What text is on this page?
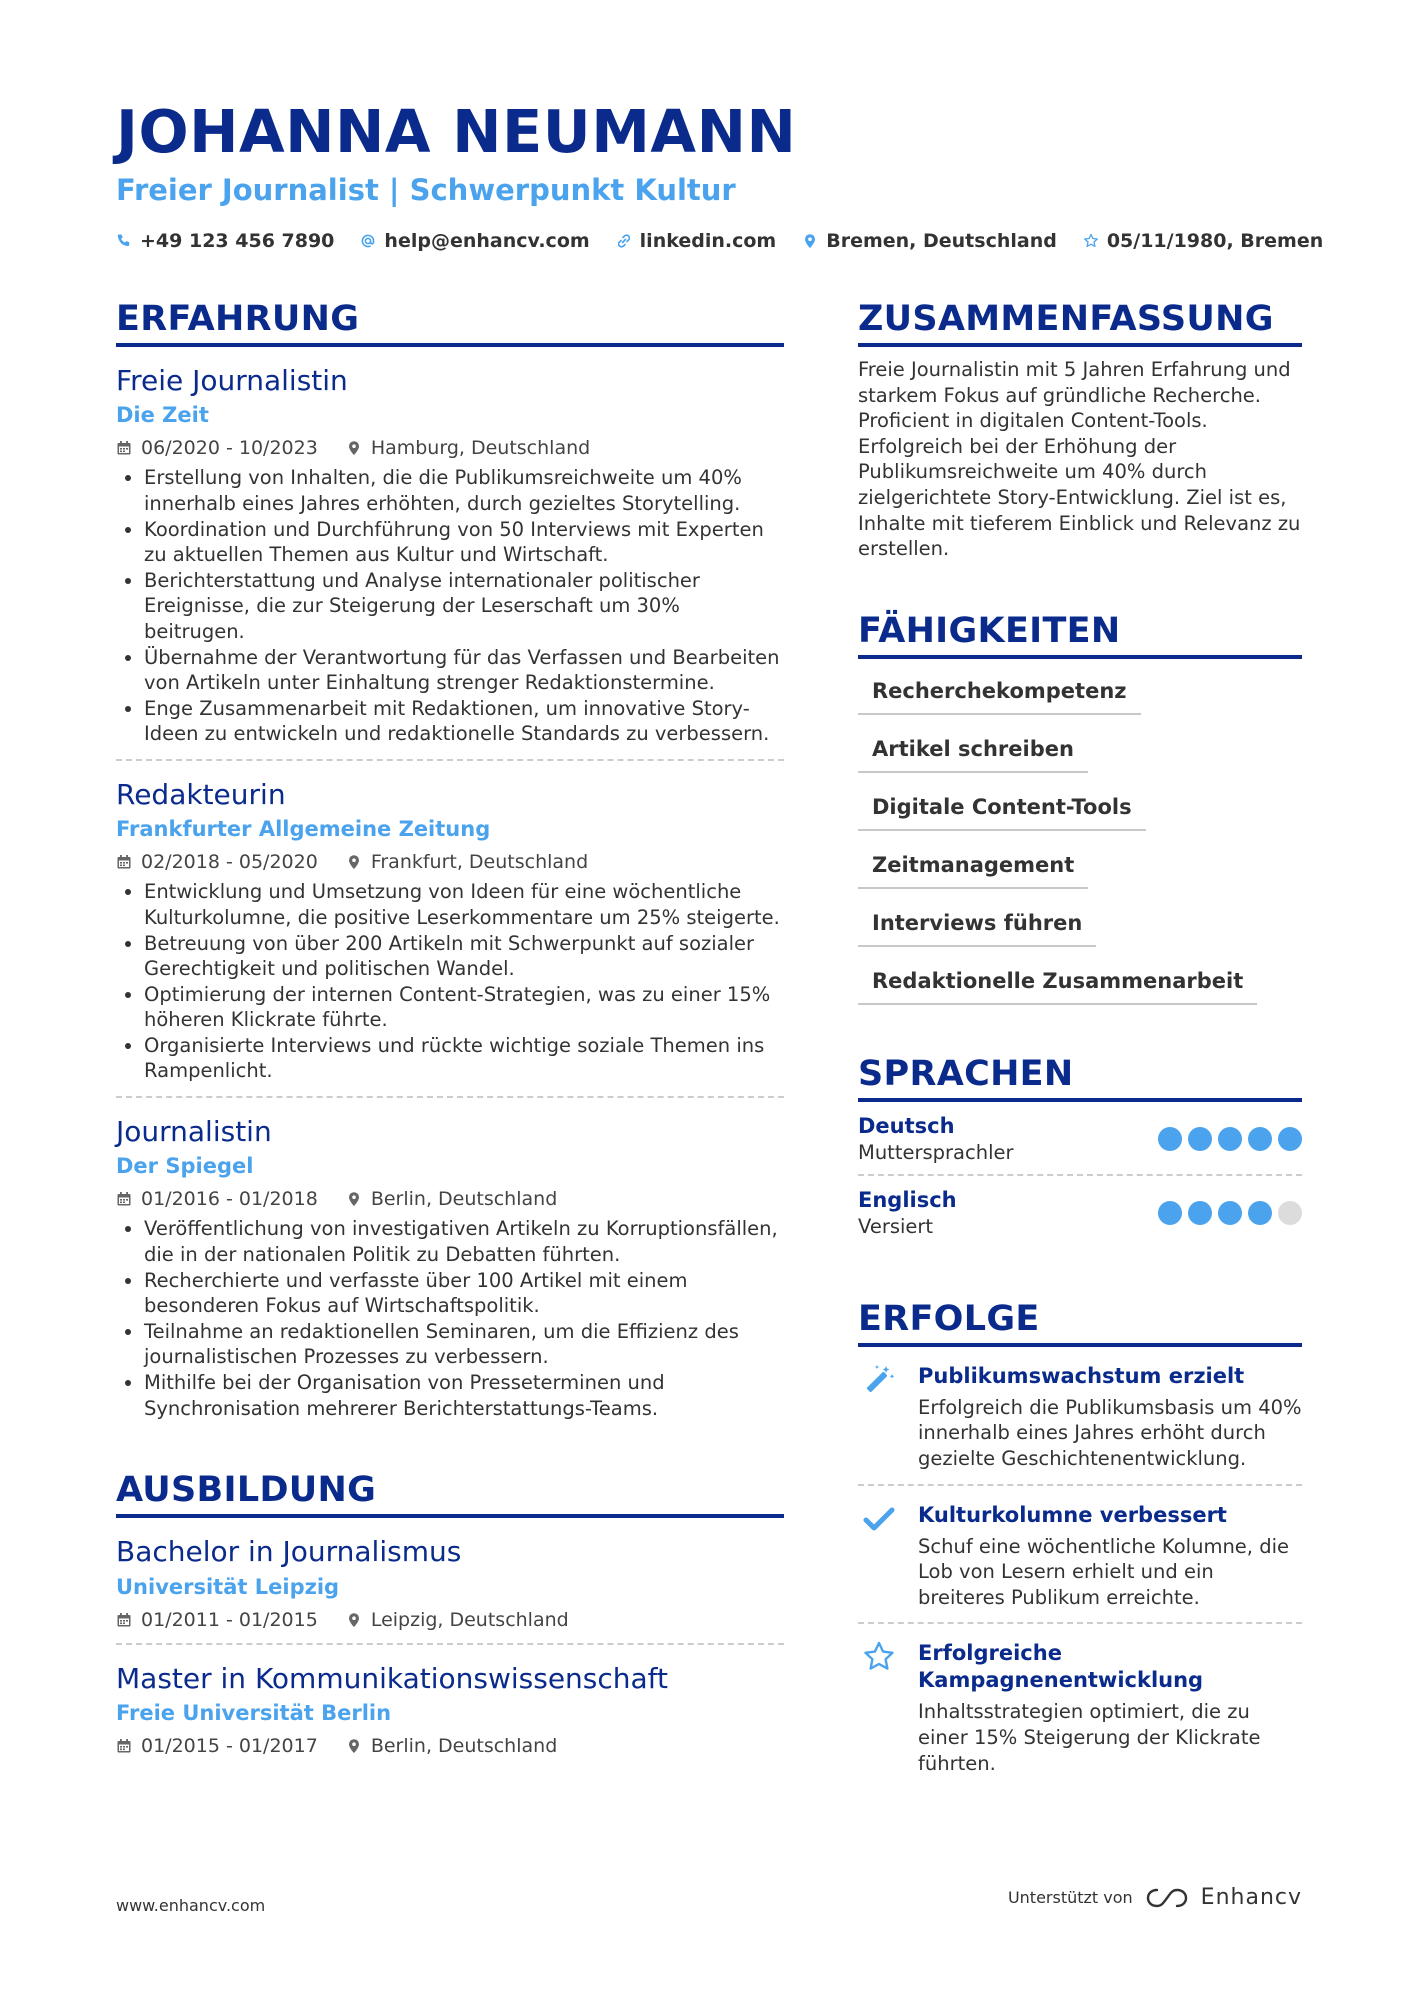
JOHANNA NEUMANN
Freier Journalist | Schwerpunkt Kultur
+49 123 456 7890	help@enhancv.com	linkedin.com	Bremen, Deutschland	05/11/1980, Bremen
ERFAHRUNG
Freie Journalistin
Die Zeit
06/2020 - 10/2023	Hamburg, Deutschland
• Erstellung von Inhalten, die die Publikumsreichweite um 40% innerhalb eines Jahres erhöhten, durch gezieltes Storytelling.
• Koordination und Durchführung von 50 Interviews mit Experten zu aktuellen Themen aus Kultur und Wirtschaft.
• Berichterstattung und Analyse internationaler politischer Ereignisse, die zur Steigerung der Leserschaft um 30% beitrugen.
• Übernahme der Verantwortung für das Verfassen und Bearbeiten von Artikeln unter Einhaltung strenger Redaktionstermine.
• Enge Zusammenarbeit mit Redaktionen, um innovative Story-Ideen zu entwickeln und redaktionelle Standards zu verbessern.
Redakteurin
Frankfurter Allgemeine Zeitung
02/2018 - 05/2020	Frankfurt, Deutschland
• Entwicklung und Umsetzung von Ideen für eine wöchentliche Kulturkolumne, die positive Leserkommentare um 25% steigerte.
• Betreuung von über 200 Artikeln mit Schwerpunkt auf sozialer Gerechtigkeit und politischen Wandel.
• Optimierung der internen Content-Strategien, was zu einer 15% höheren Klickrate führte.
• Organisierte Interviews und rückte wichtige soziale Themen ins Rampenlicht.
Journalistin
Der Spiegel
01/2016 - 01/2018	Berlin, Deutschland
• Veröffentlichung von investigativen Artikeln zu Korruptionsfällen, die in der nationalen Politik zu Debatten führten.
• Recherchierte und verfasste über 100 Artikel mit einem besonderen Fokus auf Wirtschaftspolitik.
• Teilnahme an redaktionellen Seminaren, um die Effizienz des journalistischen Prozesses zu verbessern.
• Mithilfe bei der Organisation von Presseterminen und Synchronisation mehrerer Berichterstattungs-Teams.
AUSBILDUNG
Bachelor in Journalismus
Universität Leipzig
01/2011 - 01/2015	Leipzig, Deutschland
Master in Kommunikationswissenschaft
Freie Universität Berlin
01/2015 - 01/2017	Berlin, Deutschland
ZUSAMMENFASSUNG
Freie Journalistin mit 5 Jahren Erfahrung und starkem Fokus auf gründliche Recherche. Proficient in digitalen Content-Tools. Erfolgreich bei der Erhöhung der Publikumsreichweite um 40% durch zielgerichtete Story-Entwicklung. Ziel ist es, Inhalte mit tieferem Einblick und Relevanz zu erstellen.
FÄHIGKEITEN
Recherchekompetenz
Artikel schreiben
Digitale Content-Tools
Zeitmanagement
Interviews führen
Redaktionelle Zusammenarbeit
SPRACHEN
Deutsch
Muttersprachler
Englisch
Versiert
ERFOLGE
Publikumswachstum erzielt
Erfolgreich die Publikumsbasis um 40% innerhalb eines Jahres erhöht durch gezielte Geschichtenentwicklung.
Kulturkolumne verbessert
Schuf eine wöchentliche Kolumne, die Lob von Lesern erhielt und ein breiteres Publikum erreichte.
Erfolgreiche Kampagnenentwicklung
Inhaltsstrategien optimiert, die zu einer 15% Steigerung der Klickrate führten.
www.enhancv.com	Unterstützt von	Enhancv
